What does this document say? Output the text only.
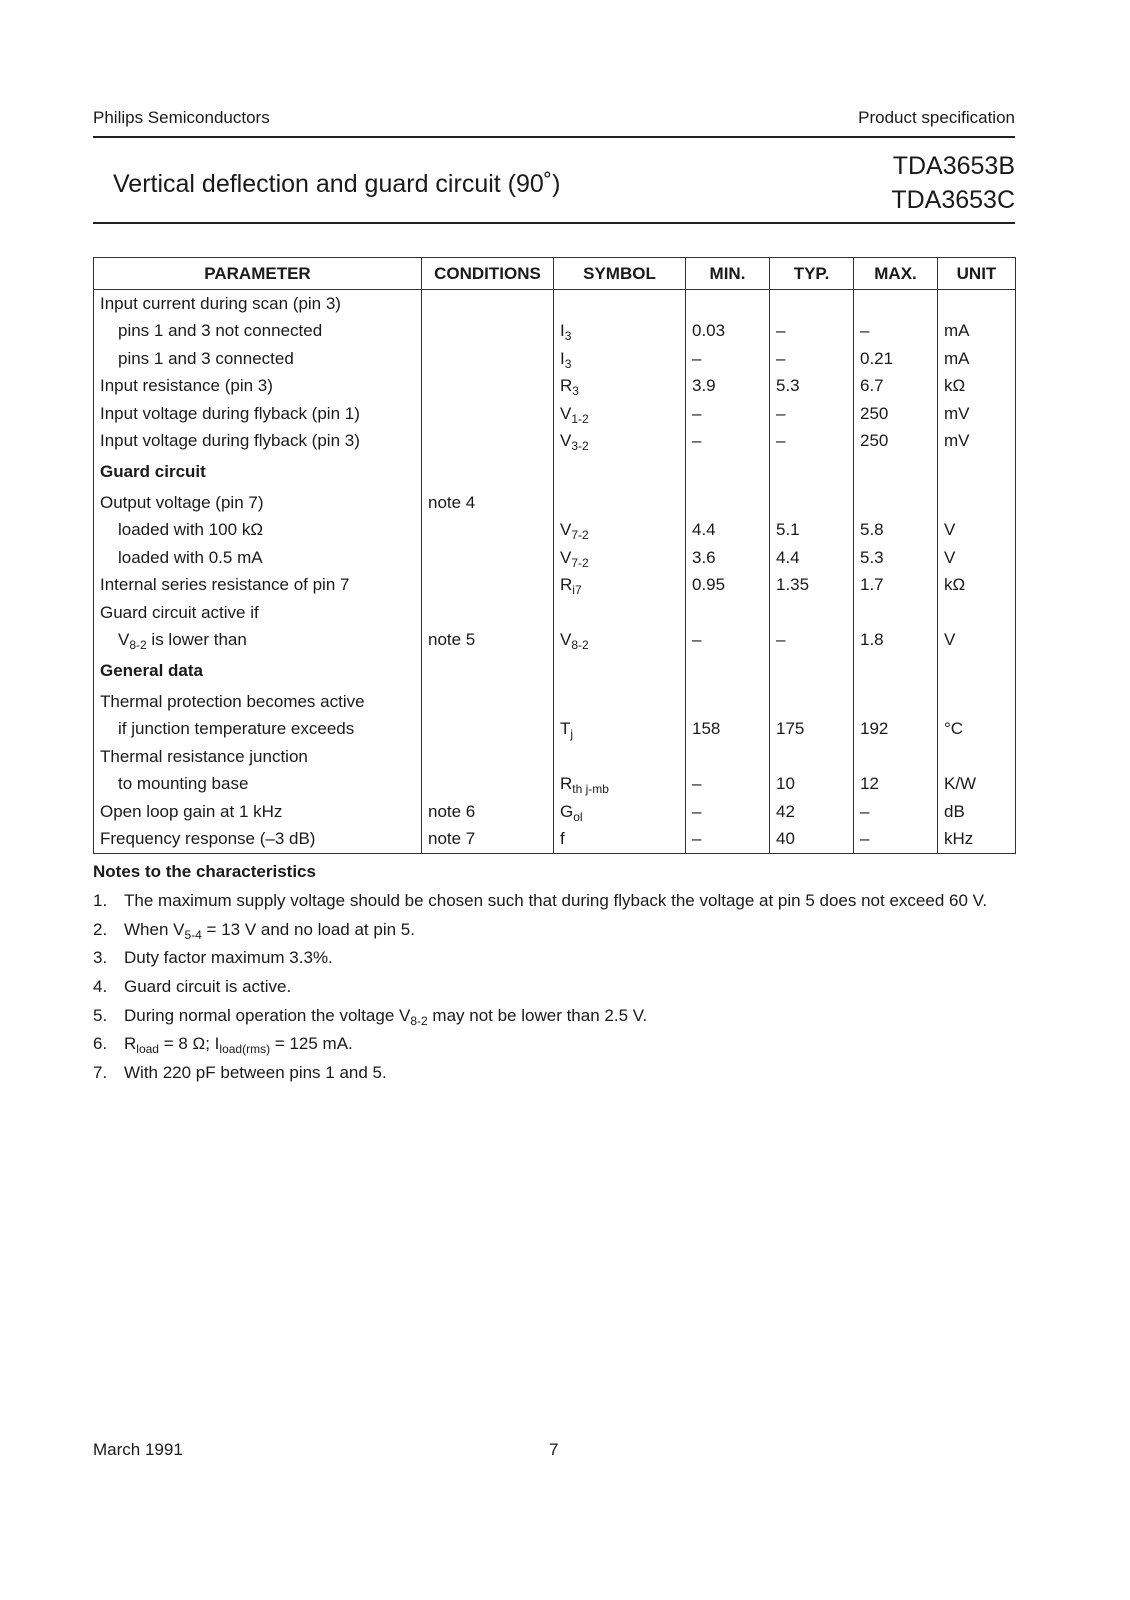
Philips Semiconductors	Product specification
Vertical deflection and guard circuit (90˚)
TDA3653B
TDA3653C
PARAMETER	CONDITIONS	SYMBOL	MIN.	TYP.	MAX.	UNIT
Input current during scan (pin 3)						
pins 1 and 3 not connected		$I_3$	0.03	–	–	mA
pins 1 and 3 connected		$I_3$	–	–	0.21	mA
Input resistance (pin 3)		$R_3$	3.9	5.3	6.7	kΩ
Input voltage during flyback (pin 1)		$V_{1-2}$	–	–	250	mV
Input voltage during flyback (pin 3)		$V_{3-2}$	–	–	250	mV
Guard circuit						
Output voltage (pin 7)	note 4					
loaded with 100 kΩ		$V_{7-2}$	4.4	5.1	5.8	V
loaded with 0.5 mA		$V_{7-2}$	3.6	4.4	5.3	V
Internal series resistance of pin 7		$R_{i7}$	0.95	1.35	1.7	kΩ
Guard circuit active if						
$V_{8-2}$ is lower than	note 5	$V_{8-2}$	–	–	1.8	V
General data						
Thermal protection becomes active						
if junction temperature exceeds		$T_j$	158	175	192	°C
Thermal resistance junction						
to mounting base		$R_{th j-mb}$	–	10	12	K/W
Open loop gain at 1 kHz	note 6	$G_{ol}$	–	42	–	dB
Frequency response (–3 dB)	note 7	f	–	40	–	kHz
Notes to the characteristics
1. The maximum supply voltage should be chosen such that during flyback the voltage at pin 5 does not exceed 60 V.
2. When $V_{5-4} = 13$ V and no load at pin 5.
3. Duty factor maximum 3.3%.
4. Guard circuit is active.
5. During normal operation the voltage $V_{8-2}$ may not be lower than 2.5 V.
6. $R_{load} = 8$ Ω; $I_{load(rms)} = 125$ mA.
7. With 220 pF between pins 1 and 5.
March 1991	7
